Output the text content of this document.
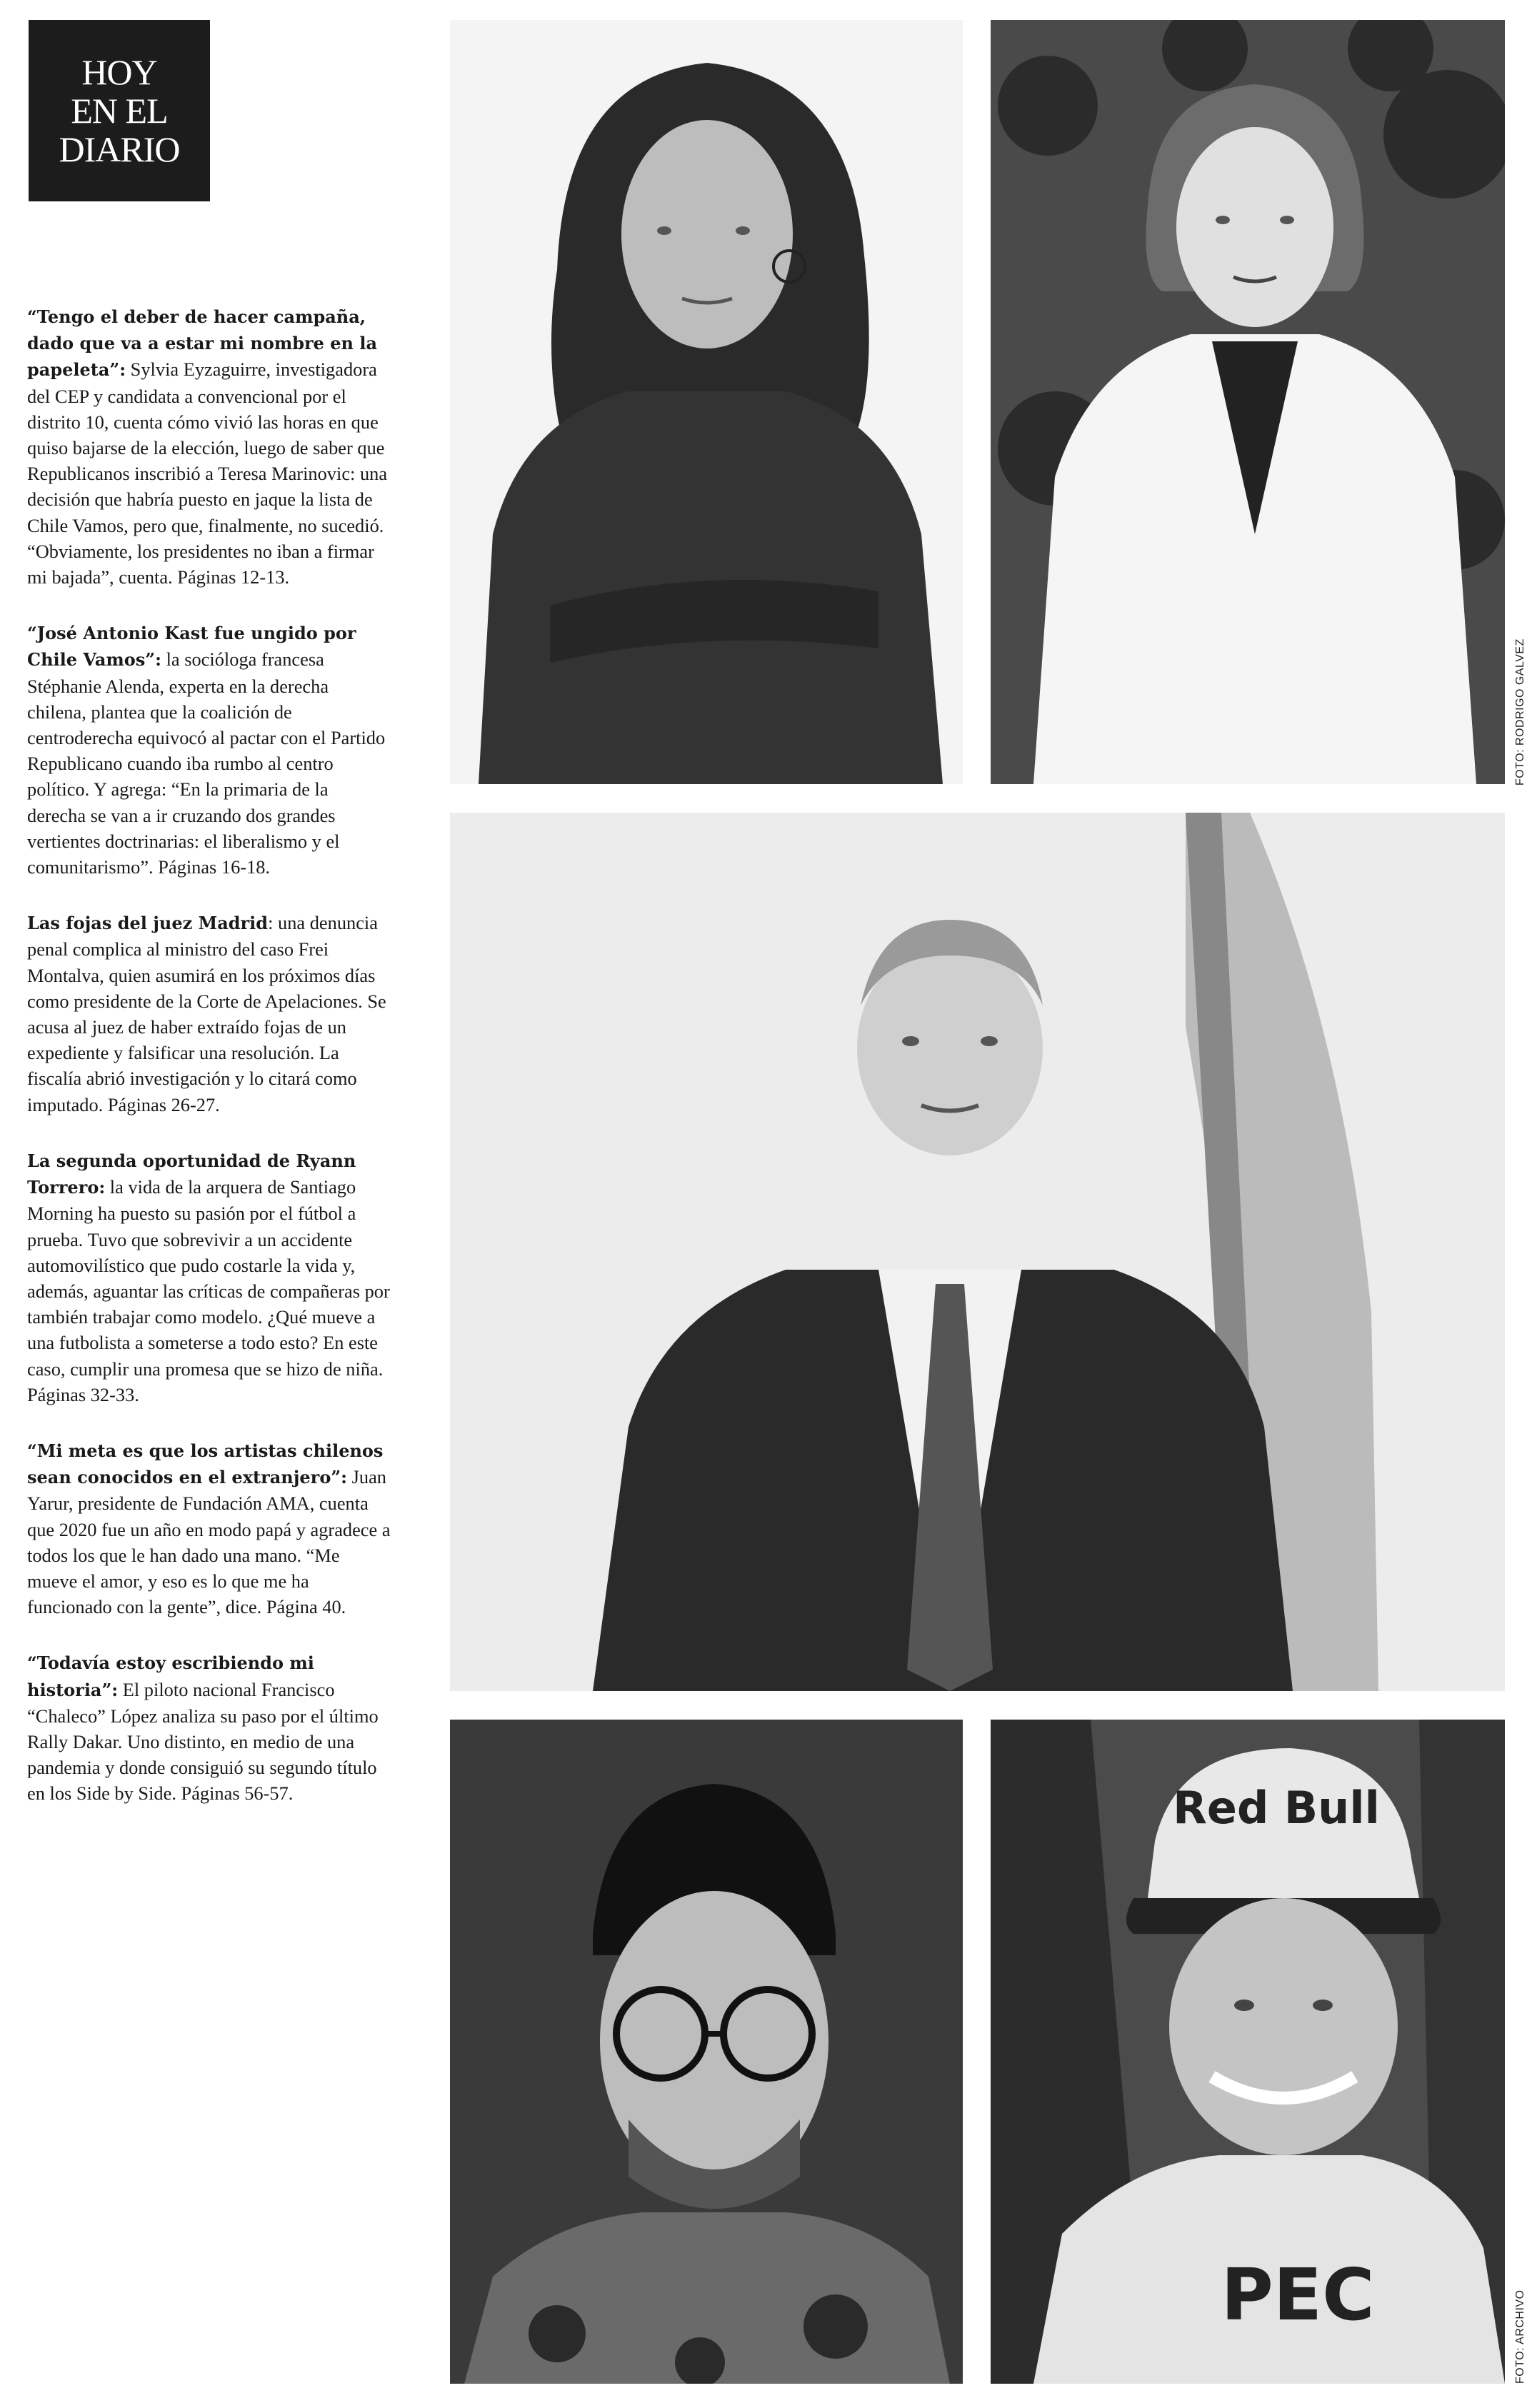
HOY
EN EL
DIARIO

“Tengo el deber de hacer campaña, dado que va a estar mi nombre en la papeleta”: Sylvia Eyzaguirre, investigadora del CEP y candidata a convencional por el distrito 10, cuenta cómo vivió las horas en que quiso bajarse de la elección, luego de saber que Republicanos inscribió a Teresa Marinovic: una decisión que habría puesto en jaque la lista de Chile Vamos, pero que, finalmente, no sucedió. “Obviamente, los presidentes no iban a firmar mi bajada”, cuenta. Páginas 12-13.

“José Antonio Kast fue ungido por Chile Vamos”: la socióloga francesa Stéphanie Alenda, experta en la derecha chilena, plantea que la coalición de centroderecha equivocó al pactar con el Partido Republicano cuando iba rumbo al centro político. Y agrega: “En la primaria de la derecha se van a ir cruzando dos grandes vertientes doctrinarias: el liberalismo y el comunitarismo”. Páginas 16-18.

Las fojas del juez Madrid: una denuncia penal complica al ministro del caso Frei Montalva, quien asumirá en los próximos días como presidente de la Corte de Apelaciones. Se acusa al juez de haber extraído fojas de un expediente y falsificar una resolución. La fiscalía abrió investigación y lo citará como imputado. Páginas 26-27.

La segunda oportunidad de Ryann Torrero: la vida de la arquera de Santiago Morning ha puesto su pasión por el fútbol a prueba. Tuvo que sobrevivir a un accidente automovilístico que pudo costarle la vida y, además, aguantar las críticas de compañeras por también trabajar como modelo. ¿Qué mueve a una futbolista a someterse a todo esto? En este caso, cumplir una promesa que se hizo de niña. Páginas 32-33.

“Mi meta es que los artistas chilenos sean conocidos en el extranjero”: Juan Yarur, presidente de Fundación AMA, cuenta que 2020 fue un año en modo papá y agradece a todos los que le han dado una mano. “Me mueve el amor, y eso es lo que me ha funcionado con la gente”, dice. Página 40.

“Todavía estoy escribiendo mi historia”: El piloto nacional Francisco “Chaleco” López analiza su paso por el último Rally Dakar. Uno distinto, en medio de una pandemia y donde consiguió su segundo título en los Side by Side. Páginas 56-57.

FOTO: RODRIGO GALVEZ
Red Bull
PEC	FOTO: ARCHIVO
